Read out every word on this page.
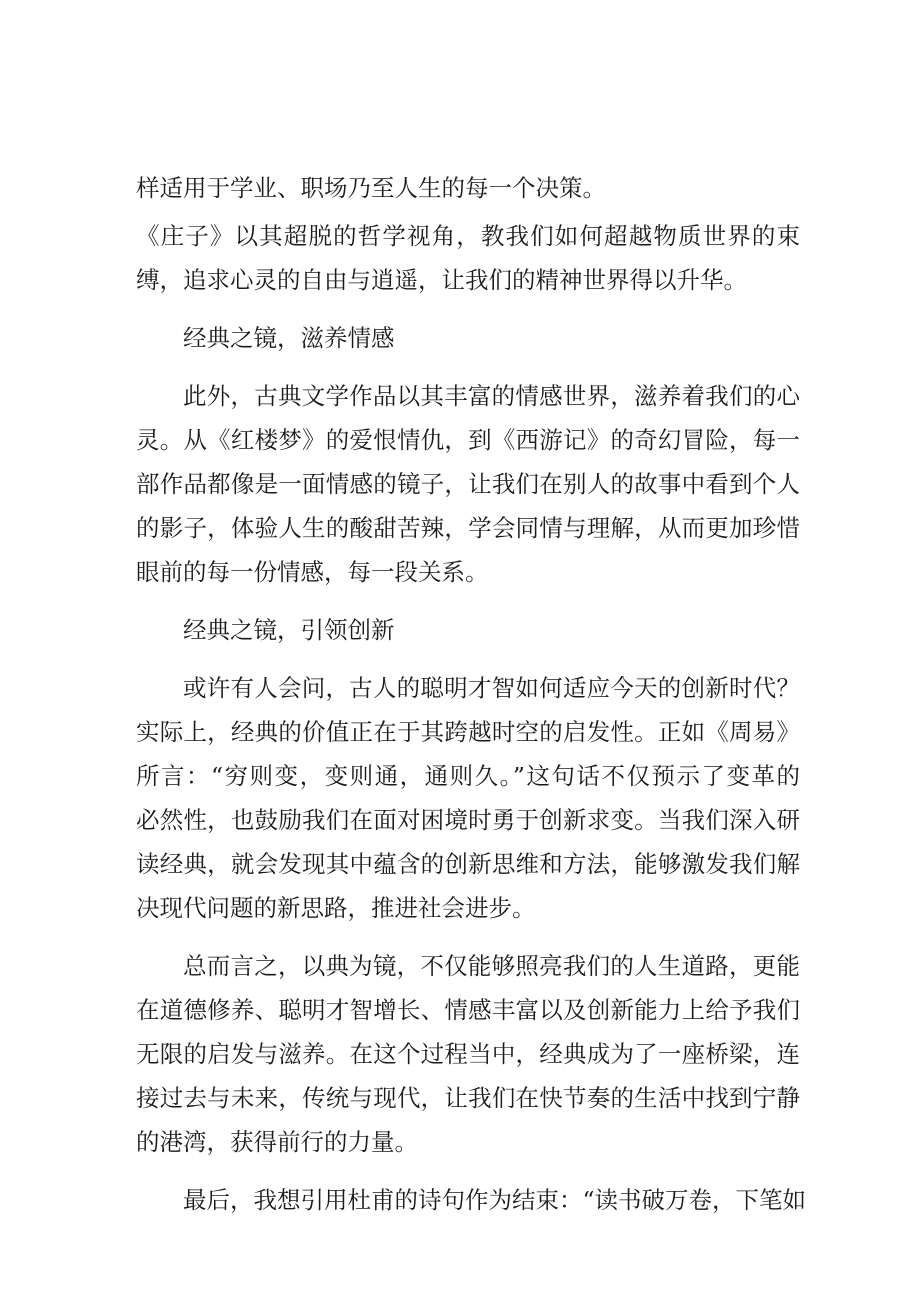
样适用于学业、职场乃至人生的每一个决策。
《庄子》以其超脱的哲学视角，教我们如何超越物质世界的束
缚，追求心灵的自由与逍遥，让我们的精神世界得以升华。
经典之镜，滋养情感
此外，古典文学作品以其丰富的情感世界，滋养着我们的心
灵。从《红楼梦》的爱恨情仇，到《西游记》的奇幻冒险，每一
部作品都像是一面情感的镜子，让我们在别人的故事中看到个人
的影子，体验人生的酸甜苦辣，学会同情与理解，从而更加珍惜
眼前的每一份情感，每一段关系。
经典之镜，引领创新
或许有人会问，古人的聪明才智如何适应今天的创新时代？
实际上，经典的价值正在于其跨越时空的启发性。正如《周易》
所言：“穷则变，变则通，通则久。”这句话不仅预示了变革的
必然性，也鼓励我们在面对困境时勇于创新求变。当我们深入研
读经典，就会发现其中蕴含的创新思维和方法，能够激发我们解
决现代问题的新思路，推进社会进步。
总而言之，以典为镜，不仅能够照亮我们的人生道路，更能
在道德修养、聪明才智增长、情感丰富以及创新能力上给予我们
无限的启发与滋养。在这个过程当中，经典成为了一座桥梁，连
接过去与未来，传统与现代，让我们在快节奏的生活中找到宁静
的港湾，获得前行的力量。
最后，我想引用杜甫的诗句作为结束：“读书破万卷，下笔如
